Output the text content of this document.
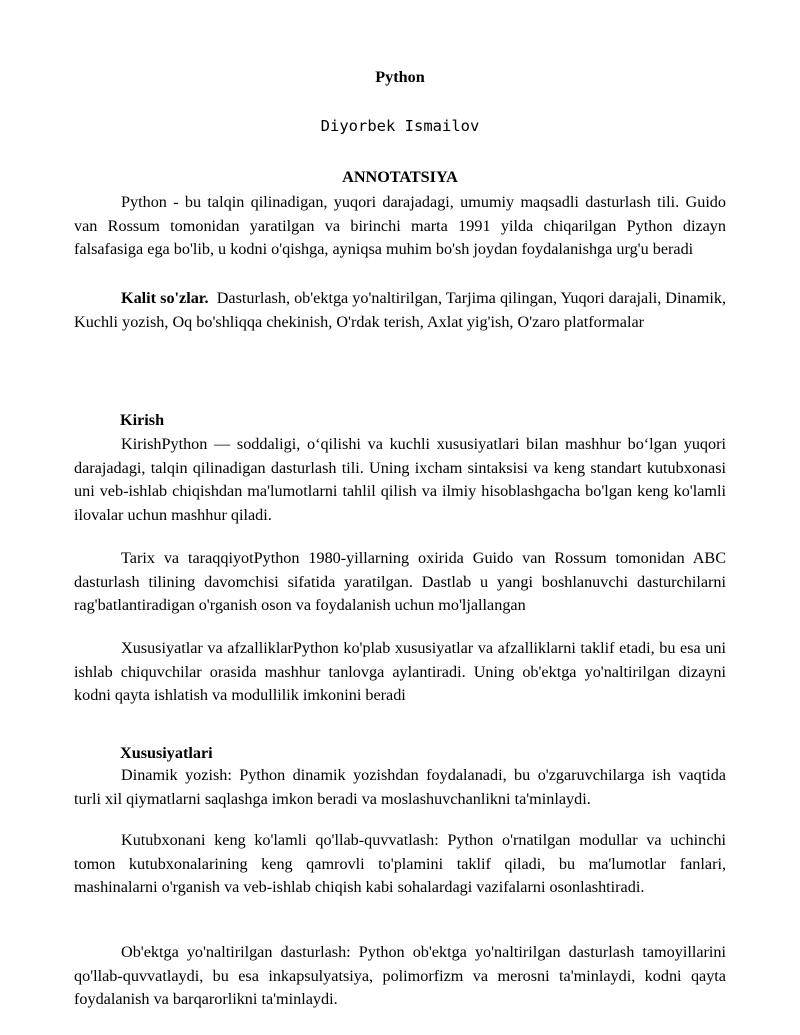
Python
Diyorbek Ismailov
ANNOTATSIYA

Python - bu talqin qilinadigan, yuqori darajadagi, umumiy maqsadli dasturlash tili. Guido van Rossum tomonidan yaratilgan va birinchi marta 1991 yilda chiqarilgan Python dizayn falsafasiga ega bo'lib, u kodni o'qishga, ayniqsa muhim bo'sh joydan foydalanishga urg'u beradi

Kalit so'zlar. Dasturlash, ob'ektga yo'naltirilgan, Tarjima qilingan, Yuqori darajali, Dinamik, Kuchli yozish, Oq bo'shliqqa chekinish, O'rdak terish, Axlat yig'ish, O'zaro platformalar

Kirish

KirishPython — soddaligi, o‘qilishi va kuchli xususiyatlari bilan mashhur bo‘lgan yuqori darajadagi, talqin qilinadigan dasturlash tili. Uning ixcham sintaksisi va keng standart kutubxonasi uni veb-ishlab chiqishdan ma'lumotlarni tahlil qilish va ilmiy hisoblashgacha bo'lgan keng ko'lamli ilovalar uchun mashhur qiladi.

Tarix va taraqqiyotPython 1980-yillarning oxirida Guido van Rossum tomonidan ABC dasturlash tilining davomchisi sifatida yaratilgan. Dastlab u yangi boshlanuvchi dasturchilarni rag'batlantiradigan o'rganish oson va foydalanish uchun mo'ljallangan

Xususiyatlar va afzalliklarPython ko'plab xususiyatlar va afzalliklarni taklif etadi, bu esa uni ishlab chiquvchilar orasida mashhur tanlovga aylantiradi. Uning ob'ektga yo'naltirilgan dizayni kodni qayta ishlatish va modullilik imkonini beradi

Xususiyatlari

Dinamik yozish: Python dinamik yozishdan foydalanadi, bu o'zgaruvchilarga ish vaqtida turli xil qiymatlarni saqlashga imkon beradi va moslashuvchanlikni ta'minlaydi.

Kutubxonani keng ko'lamli qo'llab-quvvatlash: Python o'rnatilgan modullar va uchinchi tomon kutubxonalarining keng qamrovli to'plamini taklif qiladi, bu ma'lumotlar fanlari, mashinalarni o'rganish va veb-ishlab chiqish kabi sohalardagi vazifalarni osonlashtiradi.

Ob'ektga yo'naltirilgan dasturlash: Python ob'ektga yo'naltirilgan dasturlash tamoyillarini qo'llab-quvvatlaydi, bu esa inkapsulyatsiya, polimorfizm va merosni ta'minlaydi, kodni qayta foydalanish va barqarorlikni ta'minlaydi.
